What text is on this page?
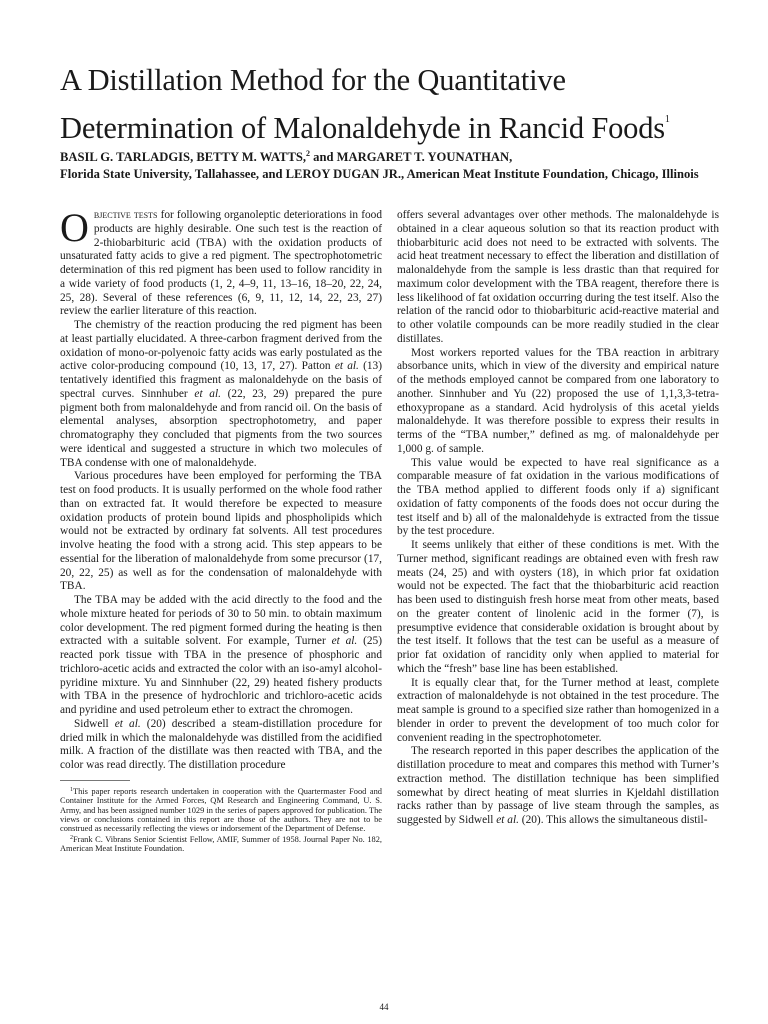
A Distillation Method for the Quantitative Determination of Malonaldehyde in Rancid Foods$^1$
BASIL G. TARLADGIS, BETTY M. WATTS,$^2$ and MARGARET T. YOUNATHAN,
Florida State University, Tallahassee, and LEROY DUGAN JR., American Meat Institute Foundation, Chicago, Illinois

Objective tests for following organoleptic deteriorations in food products are highly desirable. One such test is the reaction of 2-thiobarbituric acid (TBA) with the oxidation products of unsaturated fatty acids to give a red pigment. The spectrophotometric determination of this red pigment has been used to follow rancidity in a wide variety of food products (1, 2, 4–9, 11, 13–16, 18–20, 22, 24, 25, 28). Several of these references (6, 9, 11, 12, 14, 22, 23, 27) review the earlier literature of this reaction.

The chemistry of the reaction producing the red pigment has been at least partially elucidated. A three-carbon fragment derived from the oxidation of mono-or-polyenoic fatty acids was early postulated as the active color-producing compound (10, 13, 17, 27). Patton et al. (13) tentatively identified this fragment as malonaldehyde on the basis of spectral curves. Sinnhuber et al. (22, 23, 29) prepared the pure pigment both from malonaldehyde and from rancid oil. On the basis of elemental analyses, absorption spectrophotometry, and paper chromatography they concluded that pigments from the two sources were identical and suggested a structure in which two molecules of TBA condense with one of malonaldehyde.

Various procedures have been employed for performing the TBA test on food products. It is usually performed on the whole food rather than on extracted fat. It would therefore be expected to measure oxidation products of protein bound lipids and phospholipids which would not be extracted by ordinary fat solvents. All test procedures involve heating the food with a strong acid. This step appears to be essential for the liberation of malonaldehyde from some precursor (17, 20, 22, 25) as well as for the condensation of malonaldehyde with TBA.

The TBA may be added with the acid directly to the food and the whole mixture heated for periods of 30 to 50 min. to obtain maximum color development. The red pigment formed during the heating is then extracted with a suitable solvent. For example, Turner et al. (25) reacted pork tissue with TBA in the presence of phosphoric and trichloro-acetic acids and extracted the color with an iso-amyl alcohol-pyridine mixture. Yu and Sinnhuber (22, 29) heated fishery products with TBA in the presence of hydrochloric and trichloro-acetic acids and pyridine and used petroleum ether to extract the chromogen.

Sidwell et al. (20) described a steam-distillation procedure for dried milk in which the malonaldehyde was distilled from the acidified milk. A fraction of the distillate was then reacted with TBA, and the color was read directly. The distillation procedure

$^1$This paper reports research undertaken in cooperation with the Quartermaster Food and Container Institute for the Armed Forces, QM Research and Engineering Command, U. S. Army, and has been assigned number 1029 in the series of papers approved for publication. The views or conclusions contained in this report are those of the authors. They are not to be construed as necessarily reflecting the views or indorsement of the Department of Defense.

$^2$Frank C. Vibrans Senior Scientist Fellow, AMIF, Summer of 1958. Journal Paper No. 182, American Meat Institute Foundation.

offers several advantages over other methods. The malonaldehyde is obtained in a clear aqueous solution so that its reaction product with thiobarbituric acid does not need to be extracted with solvents. The acid heat treatment necessary to effect the liberation and distillation of malonaldehyde from the sample is less drastic than that required for maximum color development with the TBA reagent, therefore there is less likelihood of fat oxidation occurring during the test itself. Also the relation of the rancid odor to thiobarbituric acid-reactive material and to other volatile compounds can be more readily studied in the clear distillates.

Most workers reported values for the TBA reaction in arbitrary absorbance units, which in view of the diversity and empirical nature of the methods employed cannot be compared from one laboratory to another. Sinnhuber and Yu (22) proposed the use of 1,1,3,3-tetra-ethoxypropane as a standard. Acid hydrolysis of this acetal yields malonaldehyde. It was therefore possible to express their results in terms of the “TBA number,” defined as mg. of malonaldehyde per 1,000 g. of sample.

This value would be expected to have real significance as a comparable measure of fat oxidation in the various modifications of the TBA method applied to different foods only if a) significant oxidation of fatty components of the foods does not occur during the test itself and b) all of the malonaldehyde is extracted from the tissue by the test procedure.

It seems unlikely that either of these conditions is met. With the Turner method, significant readings are obtained even with fresh raw meats (24, 25) and with oysters (18), in which prior fat oxidation would not be expected. The fact that the thiobarbituric acid reaction has been used to distinguish fresh horse meat from other meats, based on the greater content of linolenic acid in the former (7), is presumptive evidence that considerable oxidation is brought about by the test itself. It follows that the test can be useful as a measure of prior fat oxidation of rancidity only when applied to material for which the “fresh” base line has been established.

It is equally clear that, for the Turner method at least, complete extraction of malonaldehyde is not obtained in the test procedure. The meat sample is ground to a specified size rather than homogenized in a blender in order to prevent the development of too much color for convenient reading in the spectrophotometer.

The research reported in this paper describes the application of the distillation procedure to meat and compares this method with Turner’s extraction method. The distillation technique has been simplified somewhat by direct heating of meat slurries in Kjeldahl distillation racks rather than by passage of live steam through the samples, as suggested by Sidwell et al. (20). This allows the simultaneous distil-

44
